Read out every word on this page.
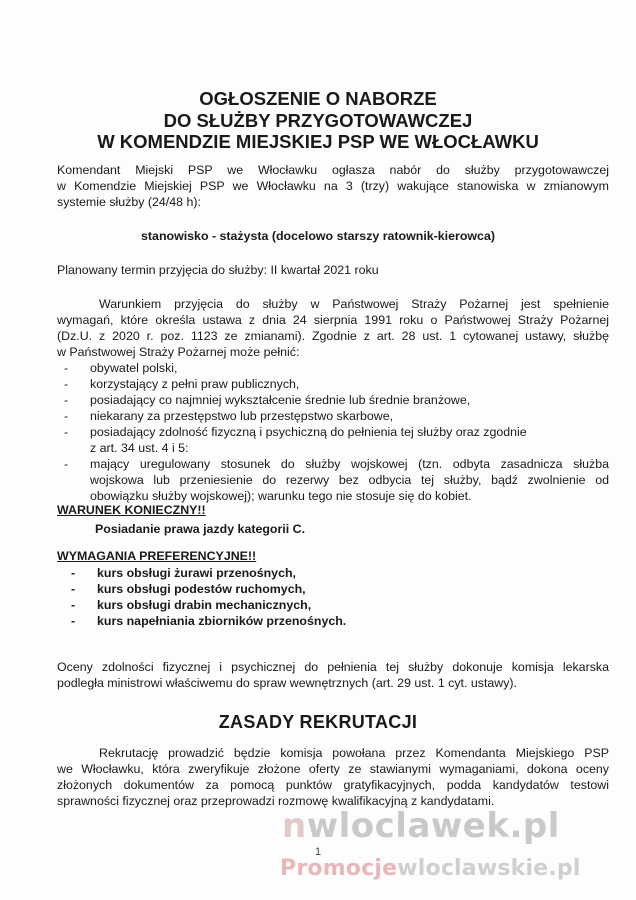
OGŁOSZENIE O NABORZE
DO SŁUŻBY PRZYGOTOWAWCZEJ
W KOMENDZIE MIEJSKIEJ PSP WE WŁOCŁAWKU

Komendant Miejski PSP we Włocławku ogłasza nabór do służby przygotowawczej
w Komendzie Miejskiej PSP we Włocławku na 3 (trzy) wakujące stanowiska w zmianowym
systemie służby (24/48 h):

stanowisko - stażysta (docelowo starszy ratownik-kierowca)
Planowany termin przyjęcia do służby: II kwartał 2021 roku

Warunkiem przyjęcia do służby w Państwowej Straży Pożarnej jest spełnienie
wymagań, które określa ustawa z dnia 24 sierpnia 1991 roku o Państwowej Straży Pożarnej
(Dz.U. z 2020 r. poz. 1123 ze zmianami). Zgodnie z art. 28 ust. 1 cytowanej ustawy, służbę
w Państwowej Straży Pożarnej może pełnić:

- obywatel polski,
- korzystający z pełni praw publicznych,
- posiadający co najmniej wykształcenie średnie lub średnie branżowe,
- niekarany za przestępstwo lub przestępstwo skarbowe,
- posiadający zdolność fizyczną i psychiczną do pełnienia tej służby oraz zgodnie
z art. 34 ust. 4 i 5:
- mający uregulowany stosunek do służby wojskowej (tzn. odbyta zasadnicza służba
wojskowa lub przeniesienie do rezerwy bez odbycia tej służby, bądź zwolnienie od
obowiązku służby wojskowej); warunku tego nie stosuje się do kobiet.
WARUNEK KONIECZNY!!
Posiadanie prawa jazdy kategorii C.
WYMAGANIA PREFERENCYJNE!!
- kurs obsługi żurawi przenośnych,
- kurs obsługi podestów ruchomych,
- kurs obsługi drabin mechanicznych,
- kurs napełniania zbiorników przenośnych.

Oceny zdolności fizycznej i psychicznej do pełnienia tej służby dokonuje komisja lekarska
podległa ministrowi właściwemu do spraw wewnętrznych (art. 29 ust. 1 cyt. ustawy).

ZASADY REKRUTACJI

Rekrutację prowadzić będzie komisja powołana przez Komendanta Miejskiego PSP
we Włocławku, która zweryfikuje złożone oferty ze stawianymi wymaganiami, dokona oceny
złożonych dokumentów za pomocą punktów gratyfikacyjnych, podda kandydatów testowi
sprawności fizycznej oraz przeprowadzi rozmowę kwalifikacyjną z kandydatami.

1
nwloclawek.pl
Promocjewloclawskie.pl
